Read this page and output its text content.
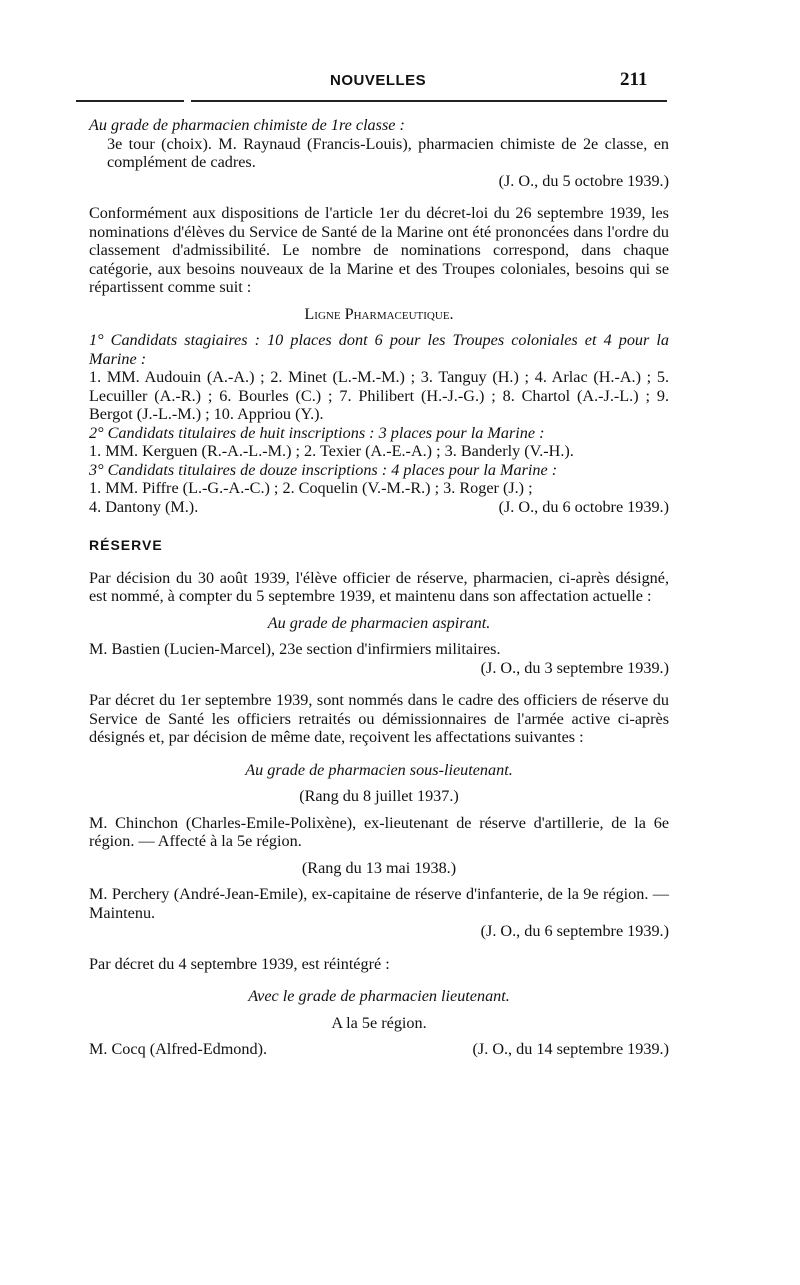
NOUVELLES	211

Au grade de pharmacien chimiste de 1re classe :

3e tour (choix). M. Raynaud (Francis-Louis), pharmacien chimiste de 2e classe, en complément de cadres.

(J. O., du 5 octobre 1939.)

Conformément aux dispositions de l'article 1er du décret-loi du 26 septembre 1939, les nominations d'élèves du Service de Santé de la Marine ont été prononcées dans l'ordre du classement d'admissibilité. Le nombre de nominations correspond, dans chaque catégorie, aux besoins nouveaux de la Marine et des Troupes coloniales, besoins qui se répartissent comme suit :

Ligne Pharmaceutique.

1° Candidats stagiaires : 10 places dont 6 pour les Troupes coloniales et 4 pour la Marine :

1. MM. Audouin (A.-A.) ; 2. Minet (L.-M.-M.) ; 3. Tanguy (H.) ; 4. Arlac (H.-A.) ; 5. Lecuiller (A.-R.) ; 6. Bourles (C.) ; 7. Philibert (H.-J.-G.) ; 8. Chartol (A.-J.-L.) ; 9. Bergot (J.-L.-M.) ; 10. Appriou (Y.).

2° Candidats titulaires de huit inscriptions : 3 places pour la Marine :

1. MM. Kerguen (R.-A.-L.-M.) ; 2. Texier (A.-E.-A.) ; 3. Banderly (V.-H.).

3° Candidats titulaires de douze inscriptions : 4 places pour la Marine :

1. MM. Piffre (L.-G.-A.-C.) ; 2. Coquelin (V.-M.-R.) ; 3. Roger (J.) ;

4. Dantony (M.).	(J. O., du 6 octobre 1939.)

RÉSERVE

Par décision du 30 août 1939, l'élève officier de réserve, pharmacien, ci-après désigné, est nommé, à compter du 5 septembre 1939, et maintenu dans son affectation actuelle :

Au grade de pharmacien aspirant.

M. Bastien (Lucien-Marcel), 23e section d'infirmiers militaires.

(J. O., du 3 septembre 1939.)

Par décret du 1er septembre 1939, sont nommés dans le cadre des officiers de réserve du Service de Santé les officiers retraités ou démissionnaires de l'armée active ci-après désignés et, par décision de même date, reçoivent les affectations suivantes :

Au grade de pharmacien sous-lieutenant.

(Rang du 8 juillet 1937.)

M. Chinchon (Charles-Emile-Polixène), ex-lieutenant de réserve d'artillerie, de la 6e région. — Affecté à la 5e région.

(Rang du 13 mai 1938.)

M. Perchery (André-Jean-Emile), ex-capitaine de réserve d'infanterie, de la 9e région. — Maintenu.

(J. O., du 6 septembre 1939.)

Par décret du 4 septembre 1939, est réintégré :

Avec le grade de pharmacien lieutenant.

A la 5e région.

M. Cocq (Alfred-Edmond).	(J. O., du 14 septembre 1939.)
